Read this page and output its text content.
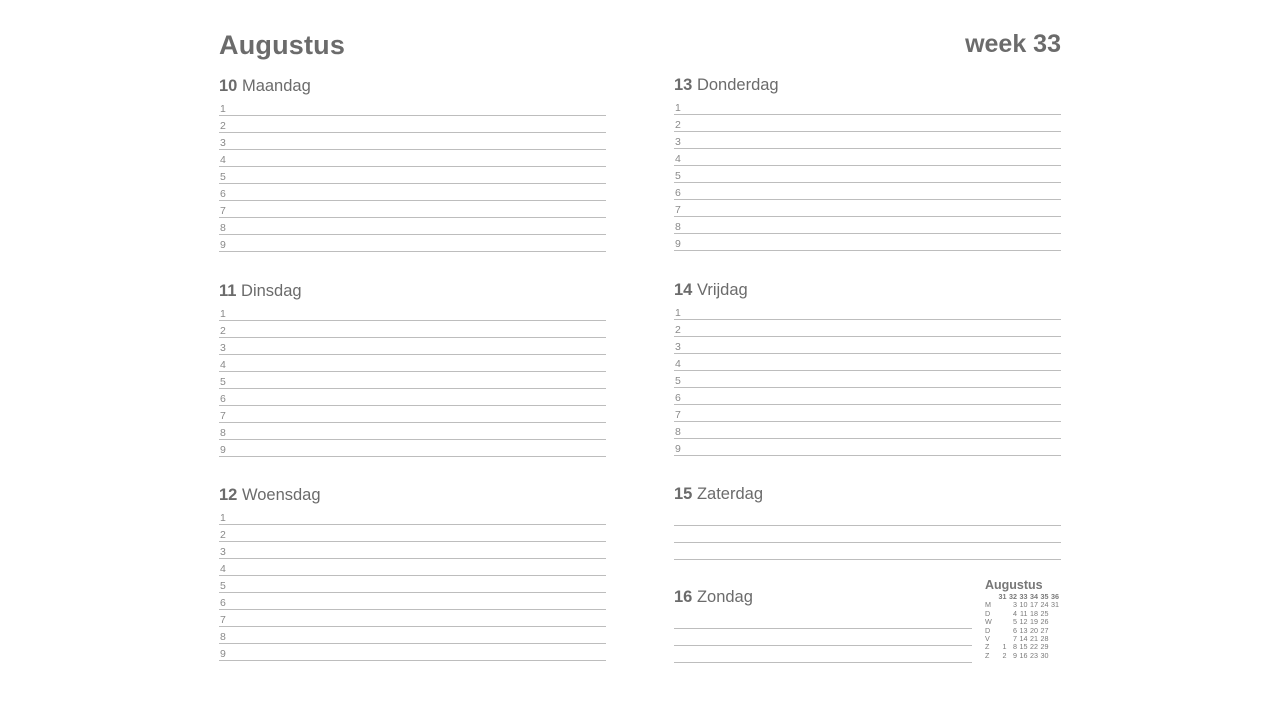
Augustus	week 33
10 Maandag
1
2
3
4
5
6
7
8
9
11 Dinsdag
1
2
3
4
5
6
7
8
9
12 Woensdag
1
2
3
4
5
6
7
8
9
13 Donderdag
1
2
3
4
5
6
7
8
9
14 Vrijdag
1
2
3
4
5
6
7
8
9
15 Zaterdag
16 Zondag
Augustus
	31	32	33	34	35	36
M		3	10	17	24	31
D		4	11	18	25	
W		5	12	19	26	
D		6	13	20	27	
V		7	14	21	28	
Z	1	8	15	22	29	
Z	2	9	16	23	30	
